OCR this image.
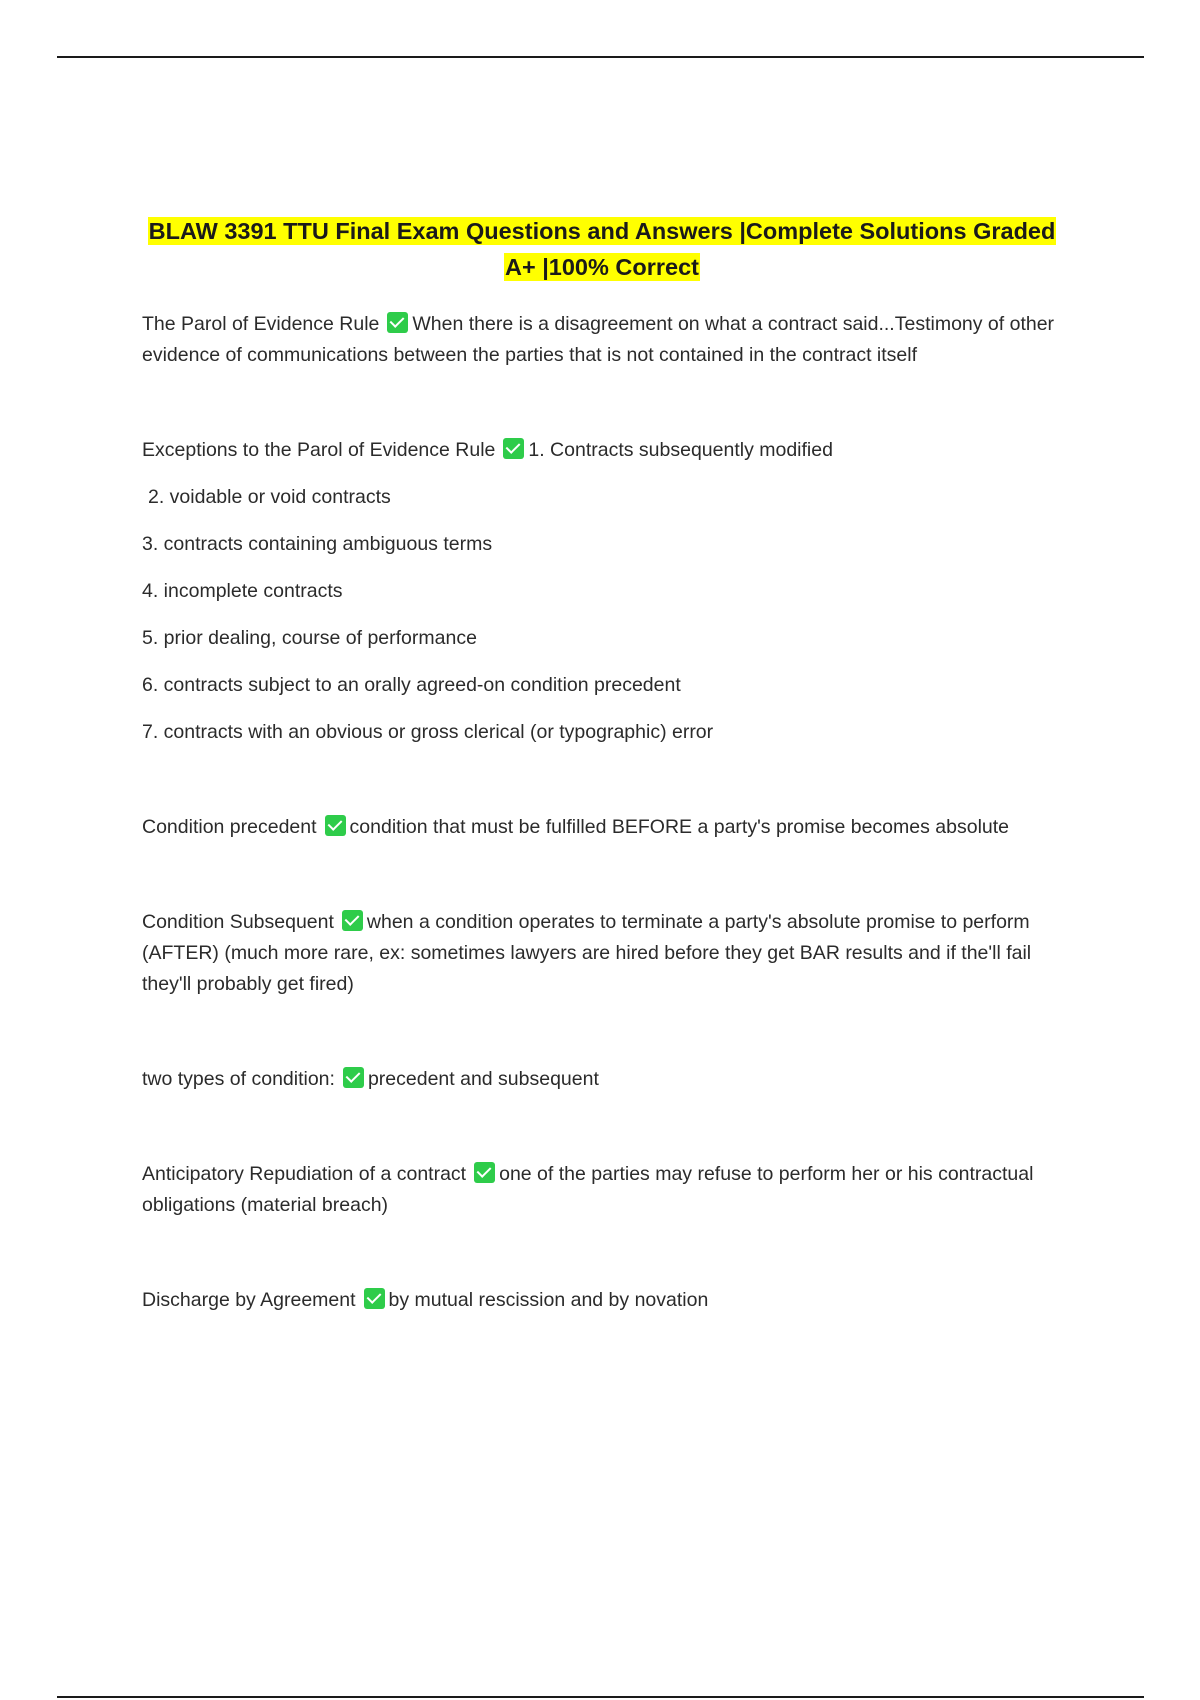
BLAW 3391 TTU Final Exam Questions and Answers |Complete Solutions Graded
A+ |100% Correct

The Parol of Evidence Rule When there is a disagreement on what a contract said...Testimony of other evidence of communications between the parties that is not contained in the contract itself

Exceptions to the Parol of Evidence Rule 1. Contracts subsequently modified

2. voidable or void contracts

3. contracts containing ambiguous terms

4. incomplete contracts

5. prior dealing, course of performance

6. contracts subject to an orally agreed-on condition precedent

7. contracts with an obvious or gross clerical (or typographic) error

Condition precedent condition that must be fulfilled BEFORE a party's promise becomes absolute

Condition Subsequent when a condition operates to terminate a party's absolute promise to perform (AFTER) (much more rare, ex: sometimes lawyers are hired before they get BAR results and if the'll fail they'll probably get fired)

two types of condition: precedent and subsequent

Anticipatory Repudiation of a contract one of the parties may refuse to perform her or his contractual obligations (material breach)

Discharge by Agreement by mutual rescission and by novation
